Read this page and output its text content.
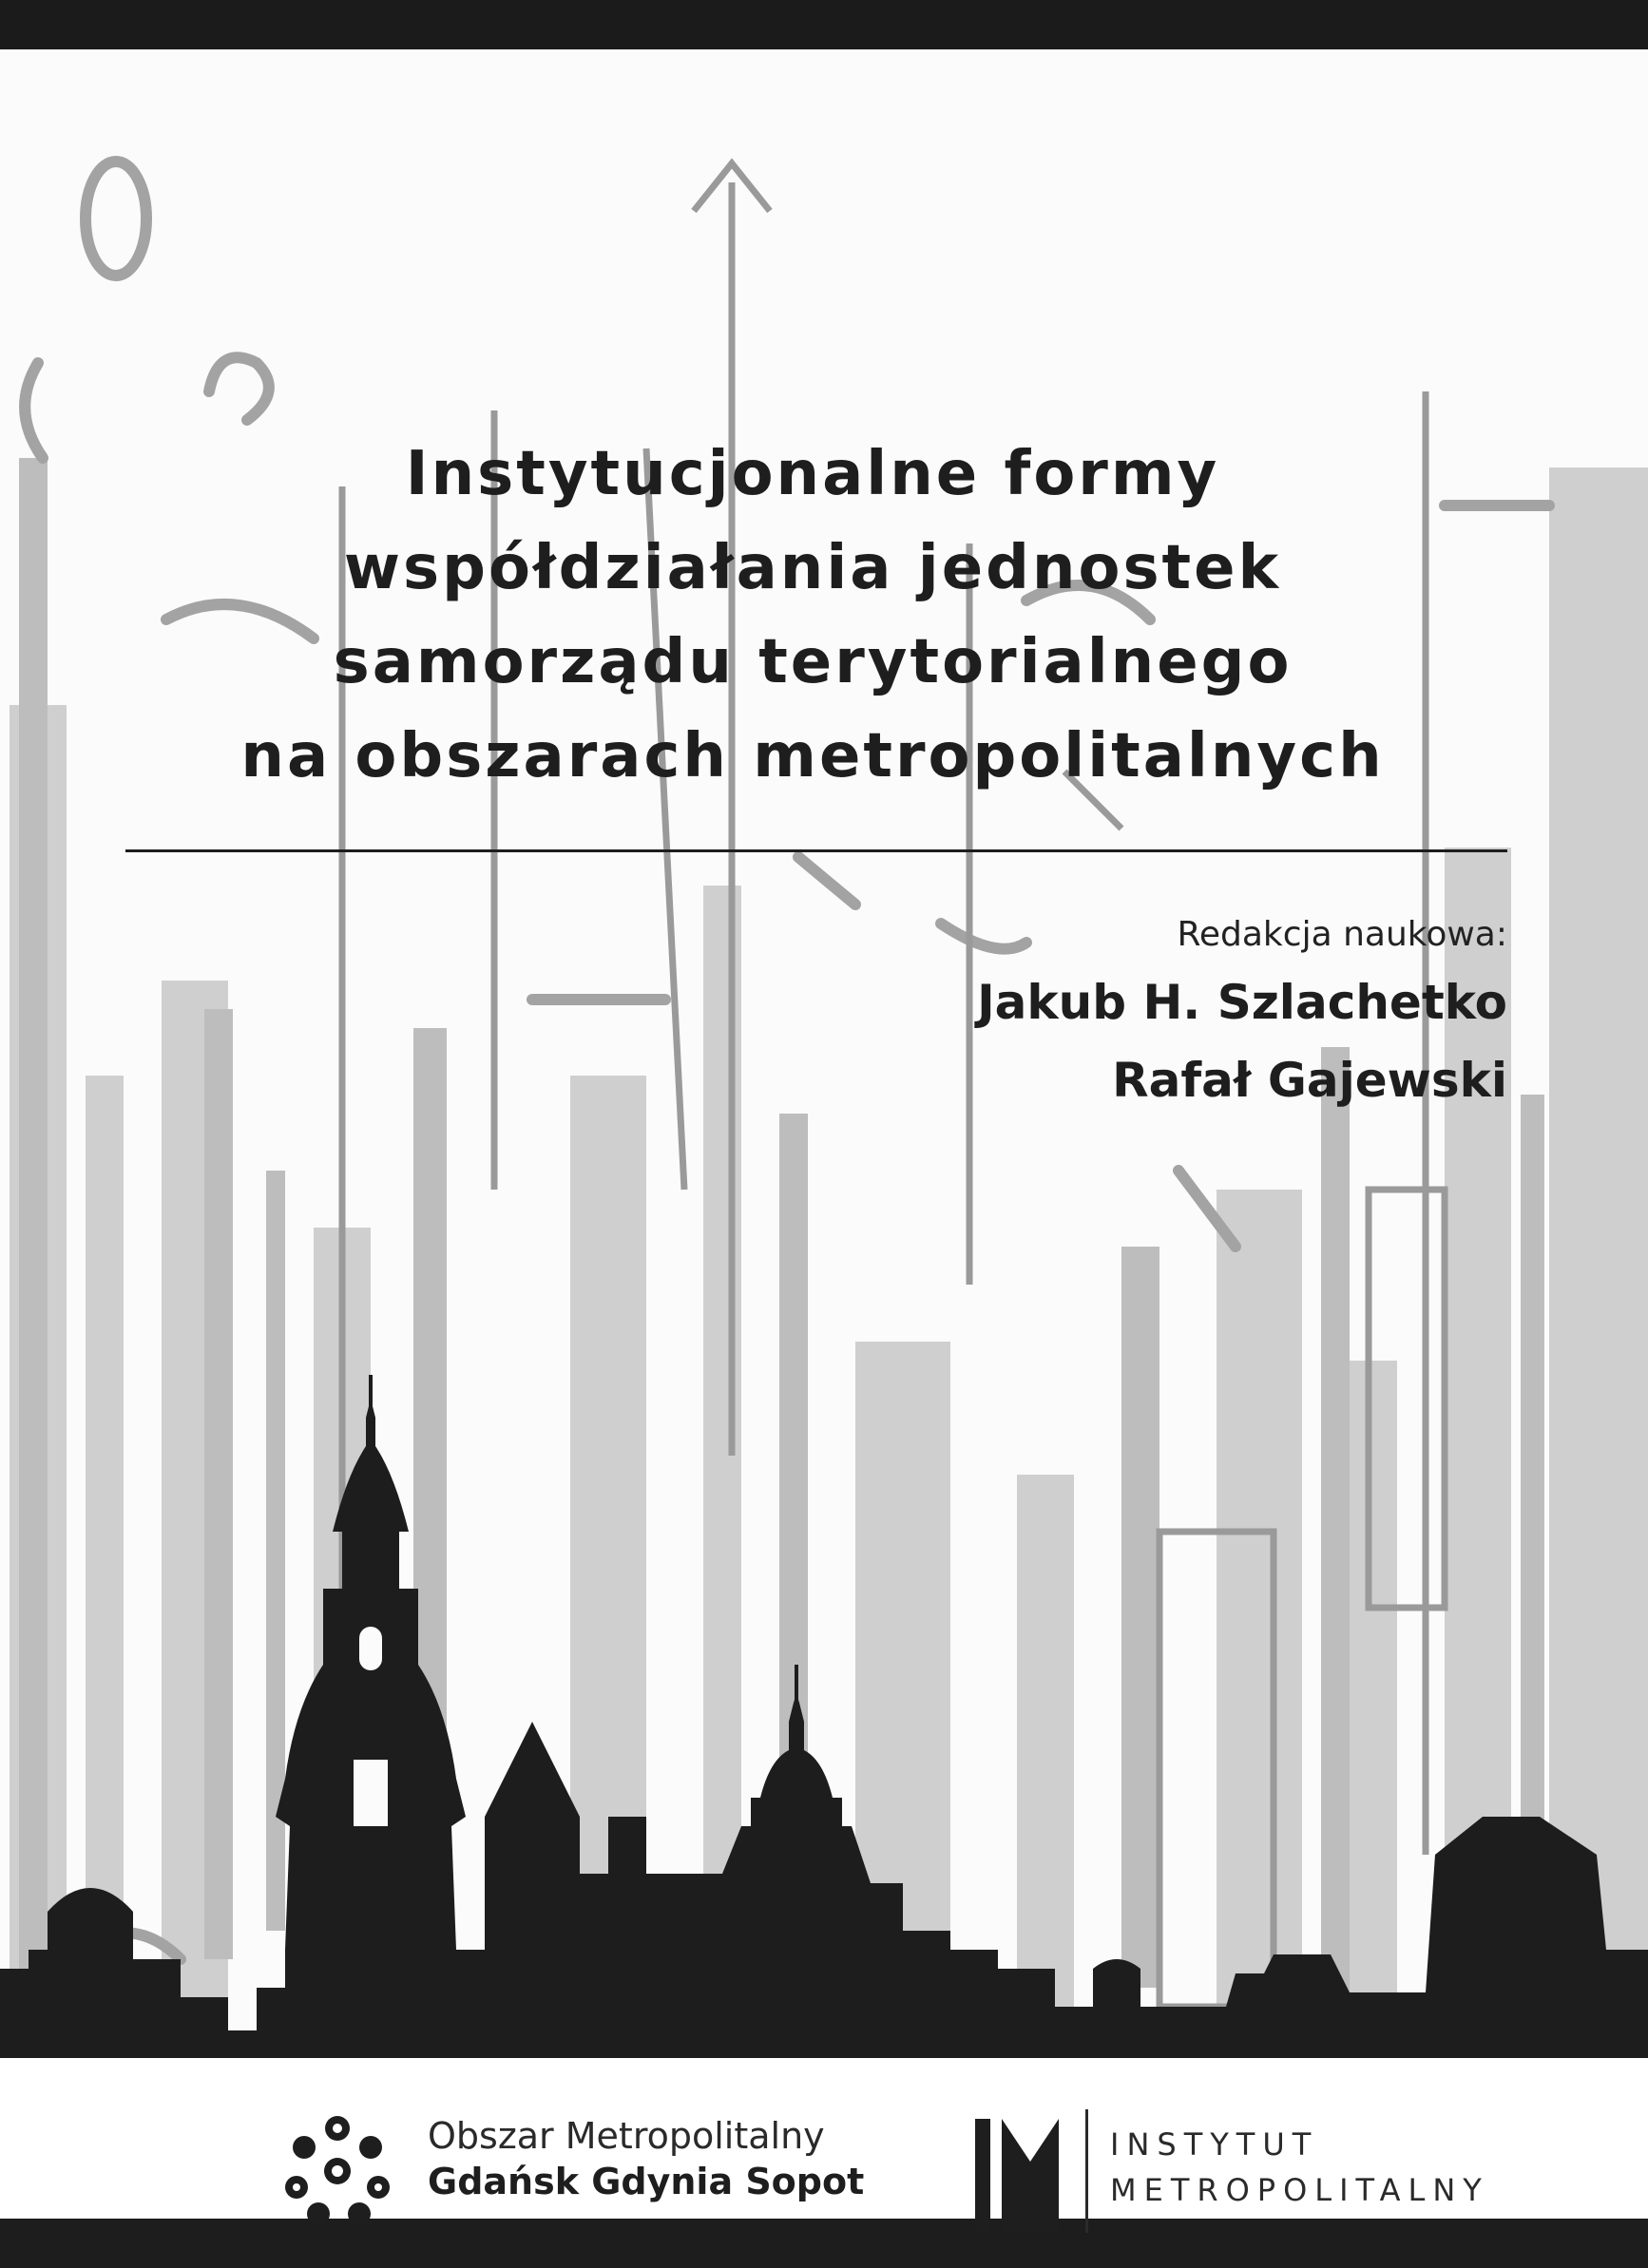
Instytucjonalne formy
współdziałania jednostek
samorządu terytorialnego
na obszarach metropolitalnych
Redakcja naukowa:
Jakub H. Szlachetko
Rafał Gajewski
Obszar Metropolitalny
Gdańsk Gdynia Sopot
INSTYTUT
METROPOLITALNY
